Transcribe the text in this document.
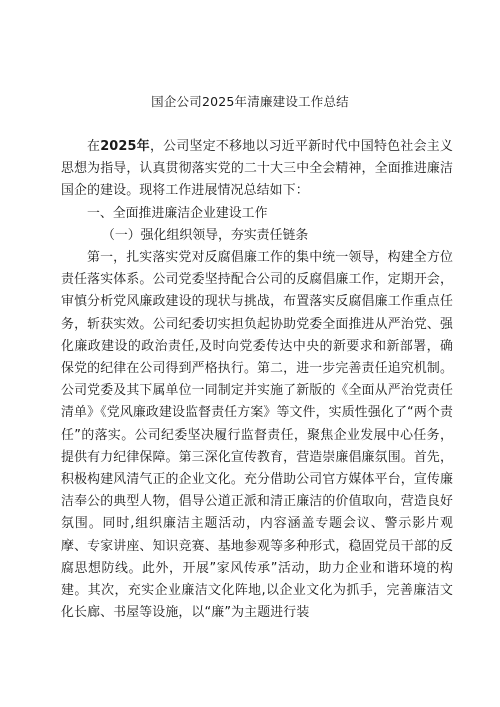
国企公司2025年清廉建设工作总结

在2025年，公司坚定不移地以习近平新时代中国特色社会主义思想为指导，认真贯彻落实党的二十大三中全会精神，全面推进廉洁国企的建设。现将工作进展情况总结如下：

一、全面推进廉洁企业建设工作

（一）强化组织领导，夯实责任链条

第一，扎实落实党对反腐倡廉工作的集中统一领导，构建全方位责任落实体系。公司党委坚持配合公司的反腐倡廉工作，定期开会，审慎分析党风廉政建设的现状与挑战，布置落实反腐倡廉工作重点任务，斩获实效。公司纪委切实担负起协助党委全面推进从严治党、强化廉政建设的政治责任,及时向党委传达中央的新要求和新部署，确保党的纪律在公司得到严格执行。第二，进一步完善责任追究机制。公司党委及其下属单位一同制定并实施了新版的《全面从严治党责任清单》《党风廉政建设监督责任方案》等文件，实质性强化了“两个责任”的落实。公司纪委坚决履行监督责任，聚焦企业发展中心任务，提供有力纪律保障。第三深化宣传教育，营造崇廉倡廉氛围。首先，积极构建风清气正的企业文化。充分借助公司官方媒体平台，宣传廉洁奉公的典型人物，倡导公道正派和清正廉洁的价值取向，营造良好氛围。同时,组织廉洁主题活动，内容涵盖专题会议、警示影片观摩、专家讲座、知识竞赛、基地参观等多种形式，稳固党员干部的反腐思想防线。此外，开展”家风传承”活动，助力企业和谐环境的构建。其次，充实企业廉洁文化阵地,以企业文化为抓手，完善廉洁文化长廊、书屋等设施，以“廉”为主题进行装
